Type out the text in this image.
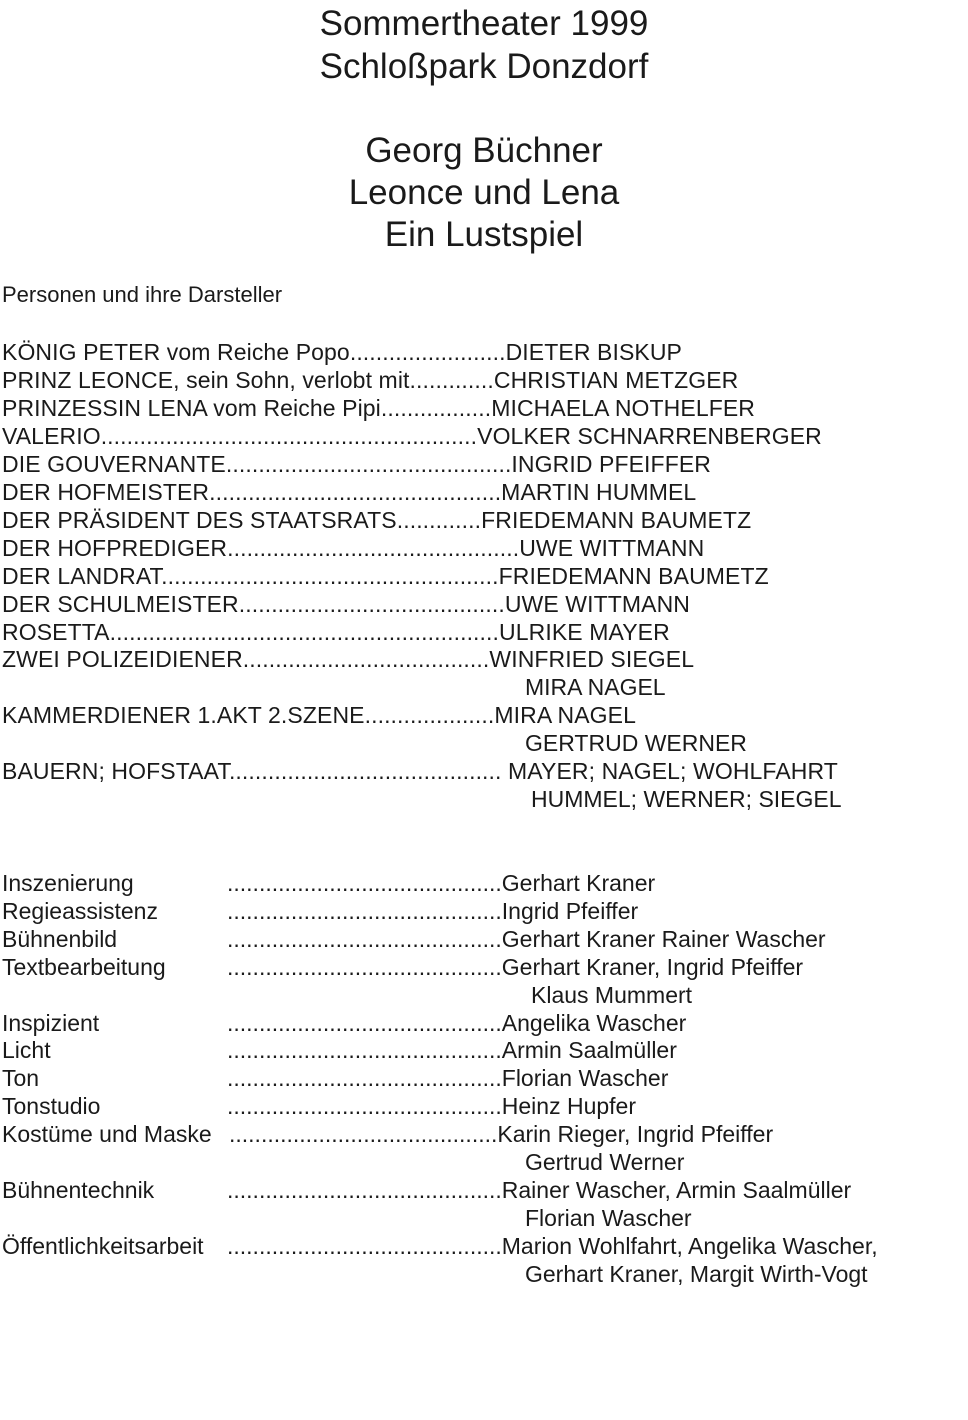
Sommertheater 1999
Schloßpark Donzdorf
Georg Büchner
Leonce und Lena
Ein Lustspiel
Personen und ihre Darsteller
KÖNIG PETER vom Reiche Popo........................DIETER BISKUP
PRINZ LEONCE, sein Sohn, verlobt mit.............CHRISTIAN METZGER
PRINZESSIN LENA vom Reiche Pipi.................MICHAELA NOTHELFER
VALERIO..........................................................VOLKER SCHNARRENBERGER
DIE GOUVERNANTE............................................INGRID PFEIFFER
DER HOFMEISTER.............................................MARTIN HUMMEL
DER PRÄSIDENT DES STAATSRATS.............FRIEDEMANN BAUMETZ
DER HOFPREDIGER.............................................UWE WITTMANN
DER LANDRAT....................................................FRIEDEMANN BAUMETZ
DER SCHULMEISTER.........................................UWE WITTMANN
ROSETTA............................................................ULRIKE MAYER
ZWEI POLIZEIDIENER......................................WINFRIED SIEGEL
MIRA NAGEL
KAMMERDIENER 1.AKT 2.SZENE....................MIRA NAGEL
GERTRUD WERNER
BAUERN; HOFSTAAT.......................................... MAYER; NAGEL; WOHLFAHRT
HUMMEL; WERNER; SIEGEL
Inszenierung	...........................................Gerhart Kraner
Regieassistenz	...........................................Ingrid Pfeiffer
Bühnenbild	...........................................Gerhart Kraner Rainer Wascher
Textbearbeitung	...........................................Gerhart Kraner, Ingrid Pfeiffer
Klaus Mummert
Inspizient	...........................................Angelika Wascher
Licht	...........................................Armin Saalmüller
Ton	...........................................Florian Wascher
Tonstudio	...........................................Heinz Hupfer
Kostüme und Maske ..........................................Karin Rieger, Ingrid Pfeiffer
Gertrud Werner
Bühnentechnik	...........................................Rainer Wascher, Armin Saalmüller
Florian Wascher
Öffentlichkeitsarbeit ...........................................Marion Wohlfahrt, Angelika Wascher,
Gerhart Kraner, Margit Wirth-Vogt
